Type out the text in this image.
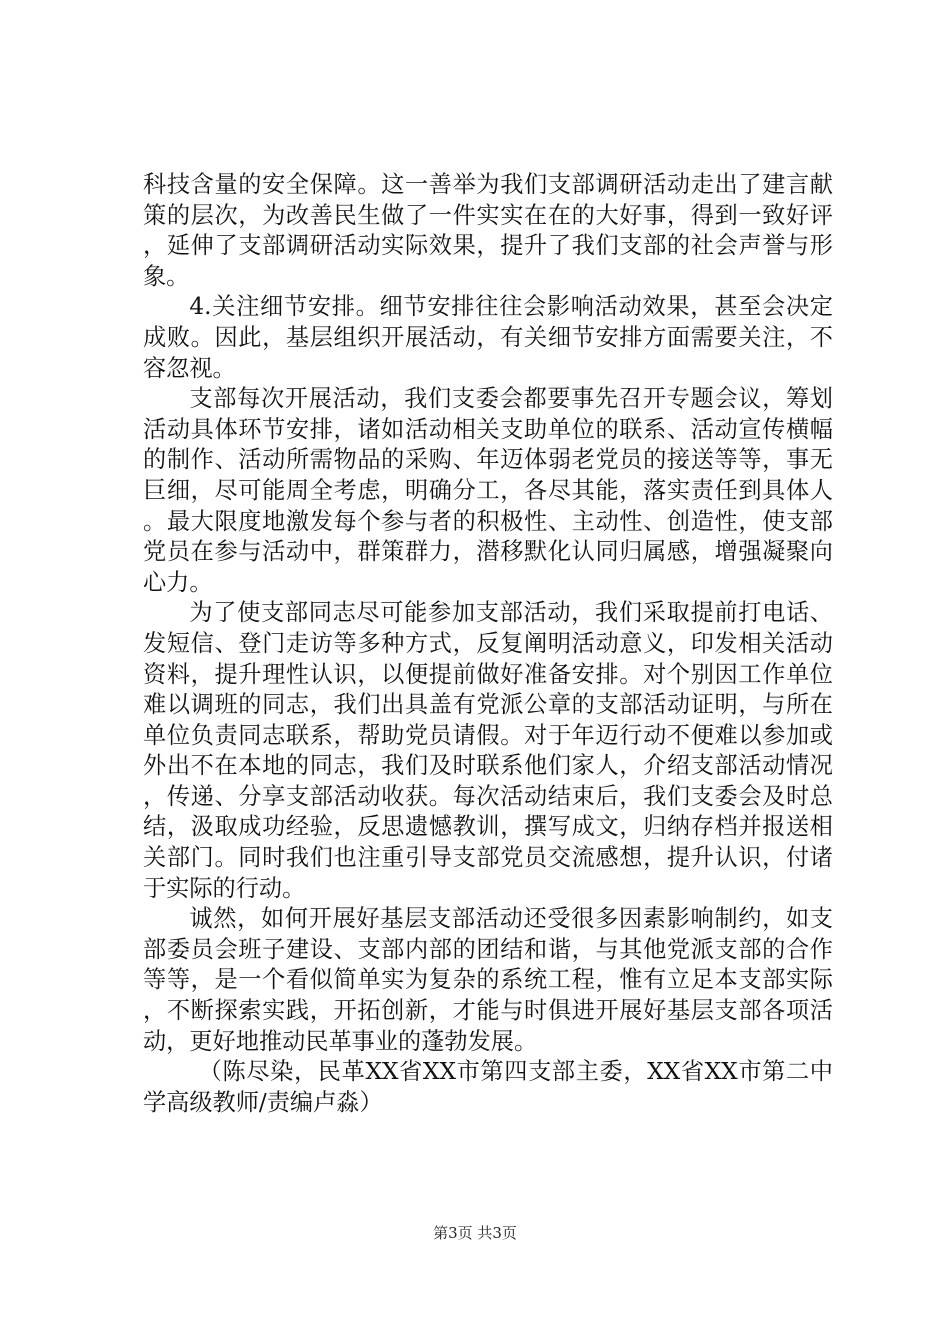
科技含量的安全保障。这一善举为我们支部调研活动走出了建言献策的层次，为改善民生做了一件实实在在的大好事，得到一致好评，延伸了支部调研活动实际效果，提升了我们支部的社会声誉与形象。

4.关注细节安排。细节安排往往会影响活动效果，甚至会决定成败。因此，基层组织开展活动，有关细节安排方面需要关注，不容忽视。

支部每次开展活动，我们支委会都要事先召开专题会议，筹划活动具体环节安排，诸如活动相关支助单位的联系、活动宣传横幅的制作、活动所需物品的采购、年迈体弱老党员的接送等等，事无巨细，尽可能周全考虑，明确分工，各尽其能，落实责任到具体人。最大限度地激发每个参与者的积极性、主动性、创造性，使支部党员在参与活动中，群策群力，潜移默化认同归属感，增强凝聚向心力。

为了使支部同志尽可能参加支部活动，我们采取提前打电话、发短信、登门走访等多种方式，反复阐明活动意义，印发相关活动资料，提升理性认识，以便提前做好准备安排。对个别因工作单位难以调班的同志，我们出具盖有党派公章的支部活动证明，与所在单位负责同志联系，帮助党员请假。对于年迈行动不便难以参加或外出不在本地的同志，我们及时联系他们家人，介绍支部活动情况，传递、分享支部活动收获。每次活动结束后，我们支委会及时总结，汲取成功经验，反思遗憾教训，撰写成文，归纳存档并报送相关部门。同时我们也注重引导支部党员交流感想，提升认识，付诸于实际的行动。

诚然，如何开展好基层支部活动还受很多因素影响制约，如支部委员会班子建设、支部内部的团结和谐，与其他党派支部的合作等等，是一个看似简单实为复杂的系统工程，惟有立足本支部实际，不断探索实践，开拓创新，才能与时俱进开展好基层支部各项活动，更好地推动民革事业的蓬勃发展。

（陈尽染，民革XX省XX市第四支部主委，XX省XX市第二中学高级教师/责编卢淼）

第3页 共3页
